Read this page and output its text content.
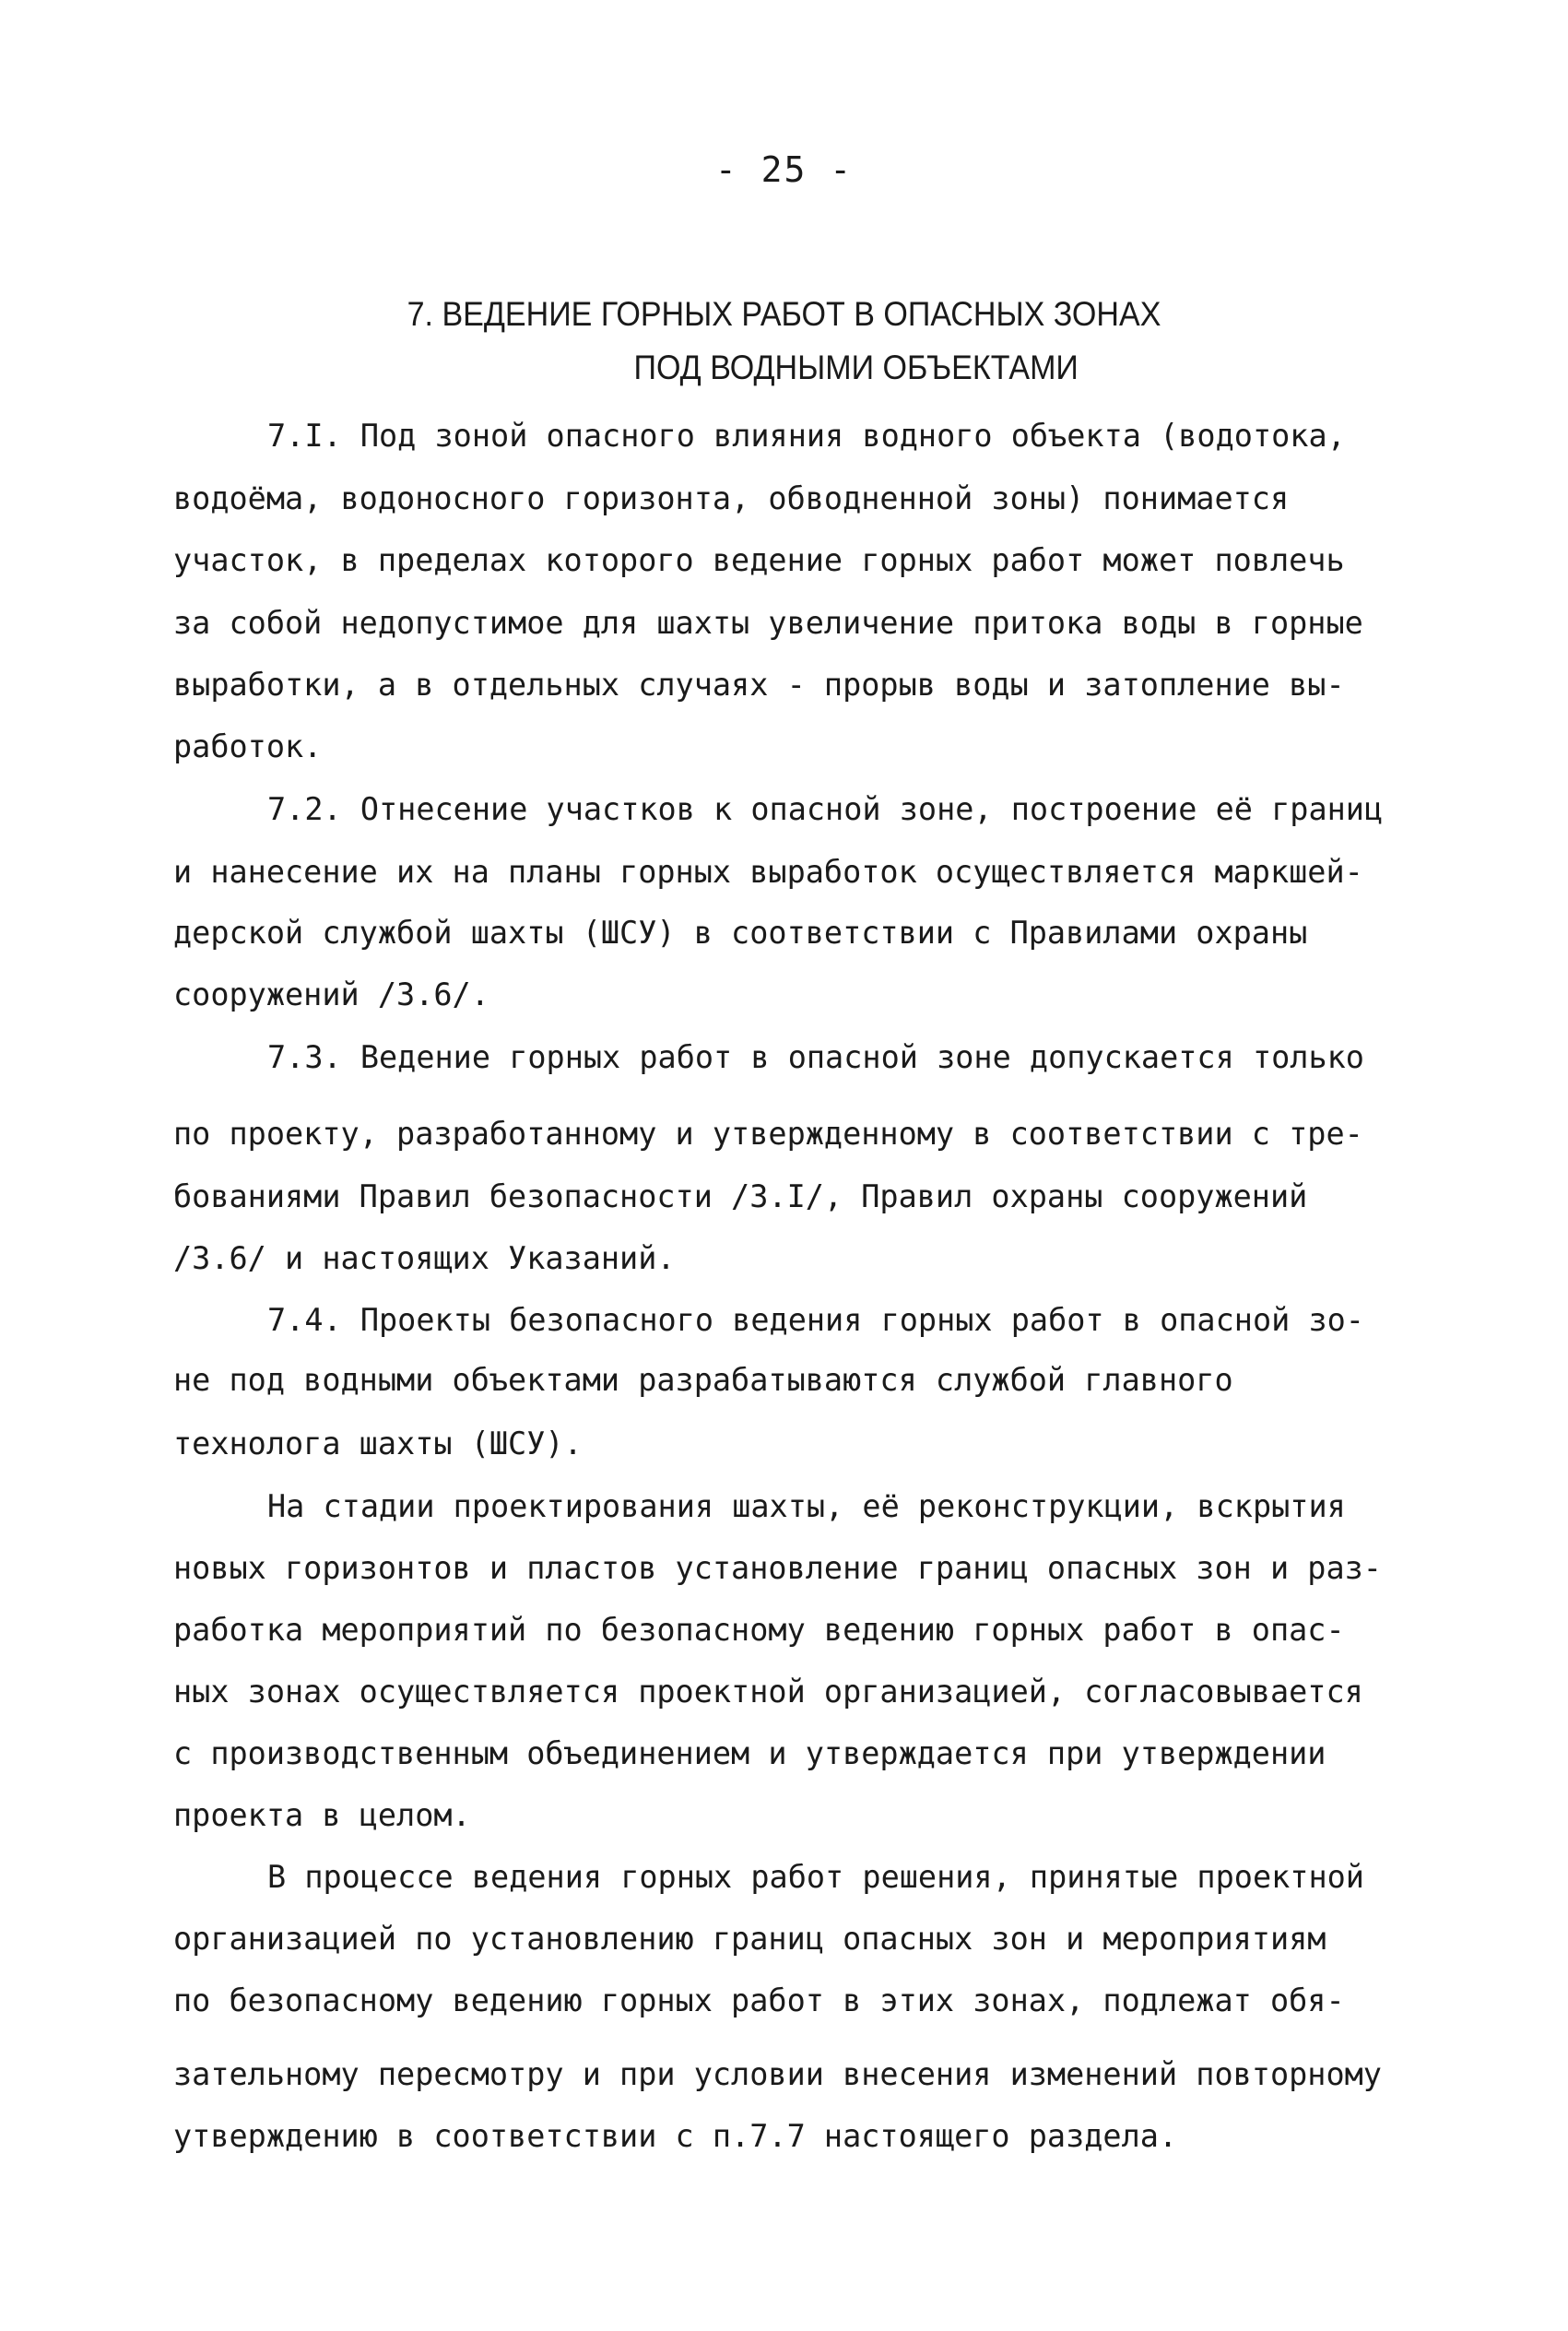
- 25 -
7. ВЕДЕНИЕ ГОРНЫХ РАБОТ В ОПАСНЫХ ЗОНАХ
ПОД ВОДНЫМИ ОБЪЕКТАМИ
7.I. Под зоной опасного влияния водного объекта (водотока,
водоёма, водоносного горизонта, обводненной зоны) понимается
участок, в пределах которого ведение горных работ может повлечь
за собой недопустимое для шахты увеличение притока воды в горные
выработки, а в отдельных случаях - прорыв воды и затопление вы-
работок.
7.2. Отнесение участков к опасной зоне, построение её границ
и нанесение их на планы горных выработок осуществляется маркшей-
дерской службой шахты (ШСУ) в соответствии с Правилами охраны
сооружений /3.6/.
7.3. Ведение горных работ в опасной зоне допускается только
по проекту, разработанному и утвержденному в соответствии с тре-
бованиями Правил безопасности /3.I/, Правил охраны сооружений
/3.6/ и настоящих Указаний.
7.4. Проекты безопасного ведения горных работ в опасной зо-
не под водными объектами разрабатываются службой главного
технолога шахты (ШСУ).
На стадии проектирования шахты, её реконструкции, вскрытия
новых горизонтов и пластов установление границ опасных зон и раз-
работка мероприятий по безопасному ведению горных работ в опас-
ных зонах осуществляется проектной организацией, согласовывается
с производственным объединением и утверждается при утверждении
проекта в целом.
В процессе ведения горных работ решения, принятые проектной
организацией по установлению границ опасных зон и мероприятиям
по безопасному ведению горных работ в этих зонах, подлежат обя-
зательному пересмотру и при условии внесения изменений повторному
утверждению в соответствии с п.7.7 настоящего раздела.
